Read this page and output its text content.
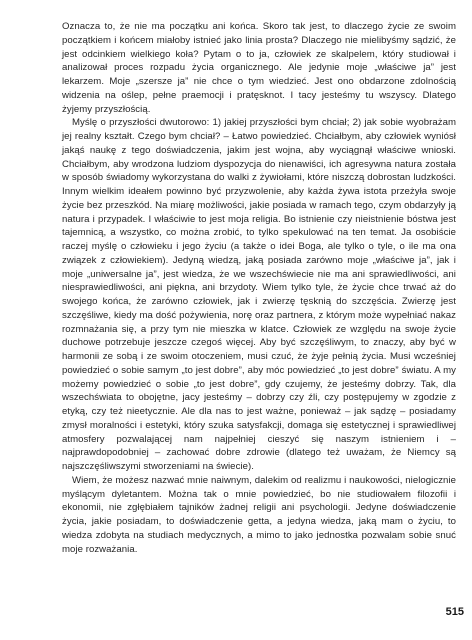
Oznacza to, że nie ma początku ani końca. Skoro tak jest, to dlaczego życie ze swoim początkiem i końcem miałoby istnieć jako linia prosta? Dlaczego nie mielibyśmy sądzić, że jest odcinkiem wielkiego koła? Pytam o to ja, człowiek ze skalpelem, który studiował i analizował proces rozpadu życia organicznego. Ale jedynie moje „właściwe ja” jest lekarzem. Moje „szersze ja” nie chce o tym wiedzieć. Jest ono obdarzone zdolnością widzenia na oślep, pełne praemocji i pratęsknot. I tacy jesteśmy tu wszyscy. Dlatego żyjemy przyszłością.

Myślę o przyszłości dwutorowo: 1) jakiej przyszłości bym chciał; 2) jak sobie wyobrażam jej realny kształt. Czego bym chciał? – Łatwo powiedzieć. Chciałbym, aby człowiek wyniósł jakąś naukę z tego doświadczenia, jakim jest wojna, aby wyciągnął właściwe wnioski. Chciałbym, aby wrodzona ludziom dyspozycja do nienawiści, ich agresywna natura została w sposób świadomy wykorzystana do walki z żywiołami, które niszczą dobrostan ludzkości. Innym wielkim ideałem powinno być przyzwolenie, aby każda żywa istota przeżyła swoje życie bez przeszkód. Na miarę możliwości, jakie posiada w ramach tego, czym obdarzyły ją natura i przypadek. I właściwie to jest moja religia. Bo istnienie czy nieistnienie bóstwa jest tajemnicą, a wszystko, co można zrobić, to tylko spekulować na ten temat. Ja osobiście raczej myślę o człowieku i jego życiu (a także o idei Boga, ale tylko o tyle, o ile ma ona związek z człowiekiem). Jedyną wiedzą, jaką posiada zarówno moje „właściwe ja”, jak i moje „uniwersalne ja”, jest wiedza, że we wszechświecie nie ma ani sprawiedliwości, ani niesprawiedliwości, ani piękna, ani brzydoty. Wiem tylko tyle, że życie chce trwać aż do swojego końca, że zarówno człowiek, jak i zwierzę tęsknią do szczęścia. Zwierzę jest szczęśliwe, kiedy ma dość pożywienia, norę oraz partnera, z którym może wypełniać nakaz rozmnażania się, a przy tym nie mieszka w klatce. Człowiek ze względu na swoje życie duchowe potrzebuje jeszcze czegoś więcej. Aby być szczęśliwym, to znaczy, aby być w harmonii ze sobą i ze swoim otoczeniem, musi czuć, że żyje pełnią życia. Musi wcześniej powiedzieć o sobie samym „to jest dobre”, aby móc powiedzieć „to jest dobre” światu. A my możemy powiedzieć o sobie „to jest dobre”, gdy czujemy, że jesteśmy dobrzy. Tak, dla wszechświata to obojętne, jacy jesteśmy – dobrzy czy źli, czy postępujemy w zgodzie z etyką, czy też nieetycznie. Ale dla nas to jest ważne, ponieważ – jak sądzę – posiadamy zmysł moralności i estetyki, który szuka satysfakcji, domaga się estetycznej i sprawiedliwej atmosfery pozwalającej nam najpełniej cieszyć się naszym istnieniem i – najprawdopodobniej – zachować dobre zdrowie (dlatego też uważam, że Niemcy są najszczęśliwszymi stworzeniami na świecie).

Wiem, że możesz nazwać mnie naiwnym, dalekim od realizmu i naukowości, nielogicznie myślącym dyletantem. Można tak o mnie powiedzieć, bo nie studiowałem filozofii i ekonomii, nie zgłębiałem tajników żadnej religii ani psychologii. Jedyne doświadczenie życia, jakie posiadam, to doświadczenie getta, a jedyna wiedza, jaką mam o życiu, to wiedza zdobyta na studiach medycznych, a mimo to jako jednostka pozwalam sobie snuć moje rozważania.

515
